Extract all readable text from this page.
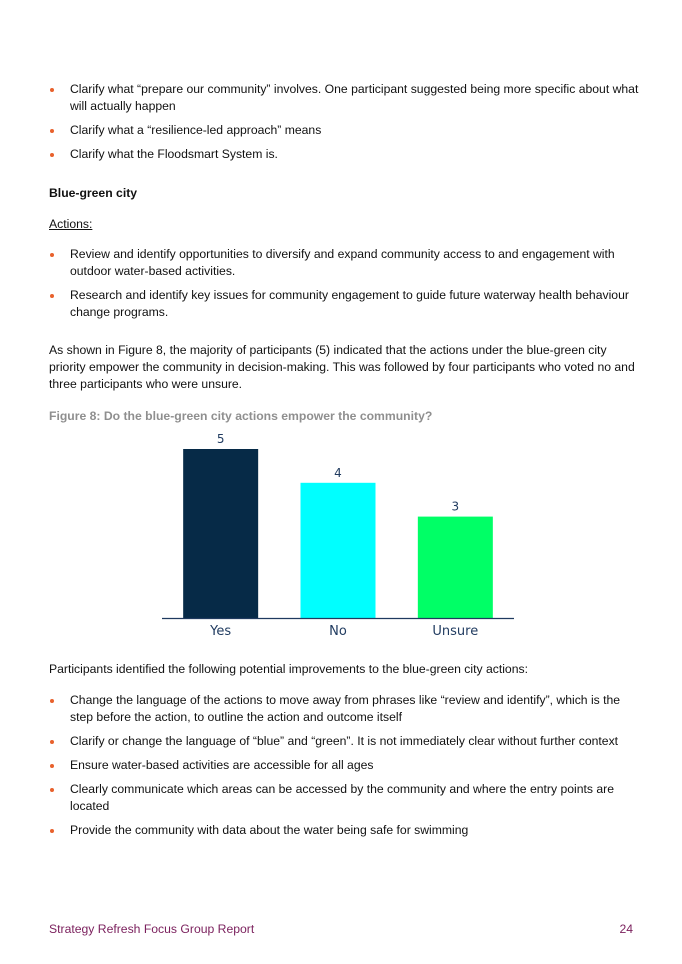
Clarify what “prepare our community” involves. One participant suggested being more specific about what will actually happen
Clarify what a “resilience-led approach” means
Clarify what the Floodsmart System is.
Blue-green city
Actions:
Review and identify opportunities to diversify and expand community access to and engagement with outdoor water-based activities.
Research and identify key issues for community engagement to guide future waterway health behaviour change programs.
As shown in Figure 8, the majority of participants (5) indicated that the actions under the blue-green city priority empower the community in decision-making. This was followed by four participants who voted no and three participants who were unsure.
Figure 8: Do the blue-green city actions empower the community?
5
Yes
4
No
3
Unsure
Participants identified the following potential improvements to the blue-green city actions:
Change the language of the actions to move away from phrases like “review and identify”, which is the step before the action, to outline the action and outcome itself
Clarify or change the language of “blue” and “green”. It is not immediately clear without further context
Ensure water-based activities are accessible for all ages
Clearly communicate which areas can be accessed by the community and where the entry points are located
Provide the community with data about the water being safe for swimming
Strategy Refresh Focus Group Report	24
